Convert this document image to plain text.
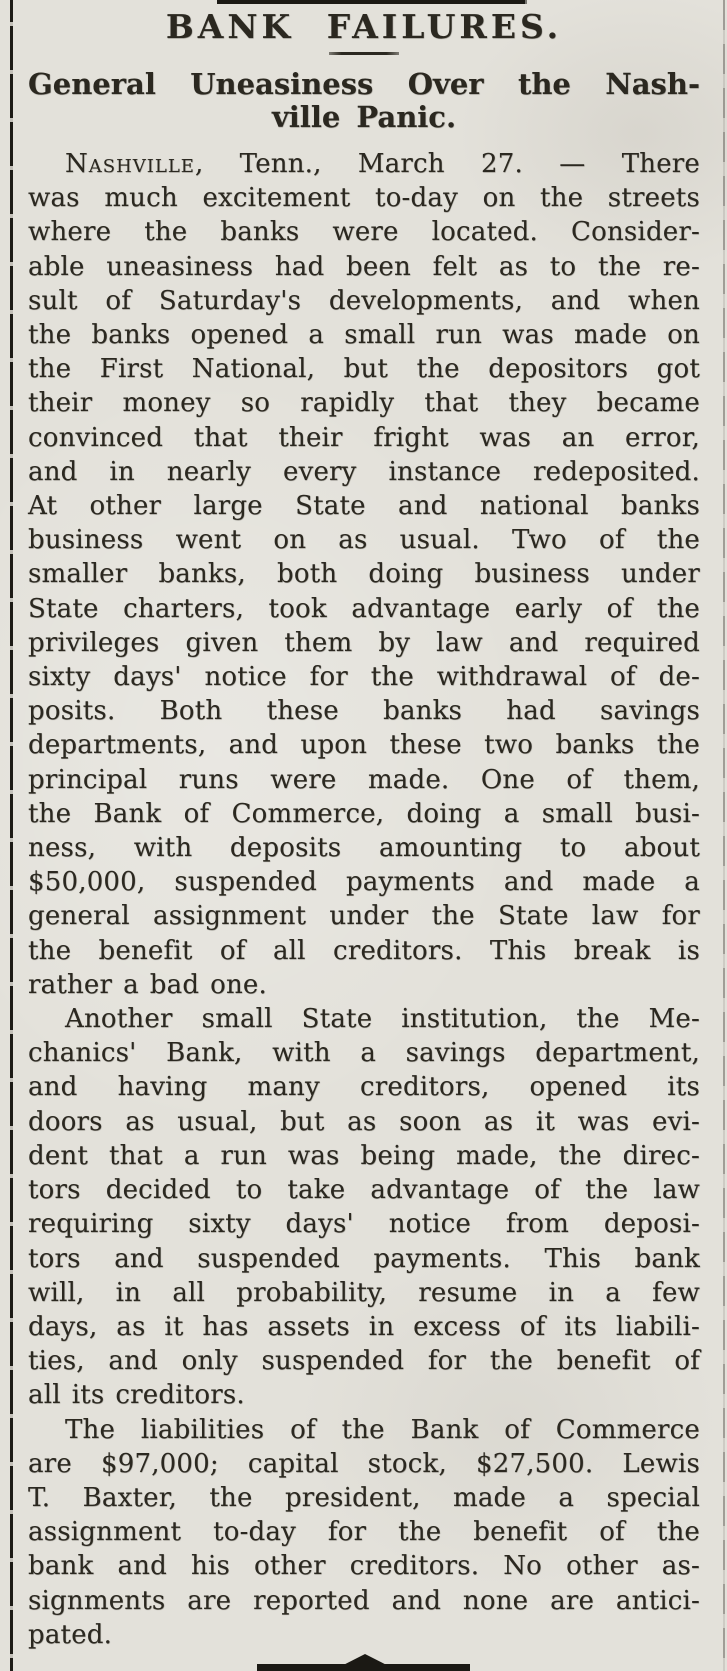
BANK FAILURES.
General Uneasiness Over the Nash-
ville Panic.
Nashville, Tenn., March 27. — There
was much excitement to-day on the streets
where the banks were located. Consider-
able uneasiness had been felt as to the re-
sult of Saturday's developments, and when
the banks opened a small run was made on
the First National, but the depositors got
their money so rapidly that they became
convinced that their fright was an error,
and in nearly every instance redeposited.
At other large State and national banks
business went on as usual. Two of the
smaller banks, both doing business under
State charters, took advantage early of the
privileges given them by law and required
sixty days' notice for the withdrawal of de-
posits. Both these banks had savings
departments, and upon these two banks the
principal runs were made. One of them,
the Bank of Commerce, doing a small busi-
ness, with deposits amounting to about
$50,000, suspended payments and made a
general assignment under the State law for
the benefit of all creditors. This break is
rather a bad one.
Another small State institution, the Me-
chanics' Bank, with a savings department,
and having many creditors, opened its
doors as usual, but as soon as it was evi-
dent that a run was being made, the direc-
tors decided to take advantage of the law
requiring sixty days' notice from deposi-
tors and suspended payments. This bank
will, in all probability, resume in a few
days, as it has assets in excess of its liabili-
ties, and only suspended for the benefit of
all its creditors.
The liabilities of the Bank of Commerce
are $97,000; capital stock, $27,500. Lewis
T. Baxter, the president, made a special
assignment to-day for the benefit of the
bank and his other creditors. No other as-
signments are reported and none are antici-
pated.
